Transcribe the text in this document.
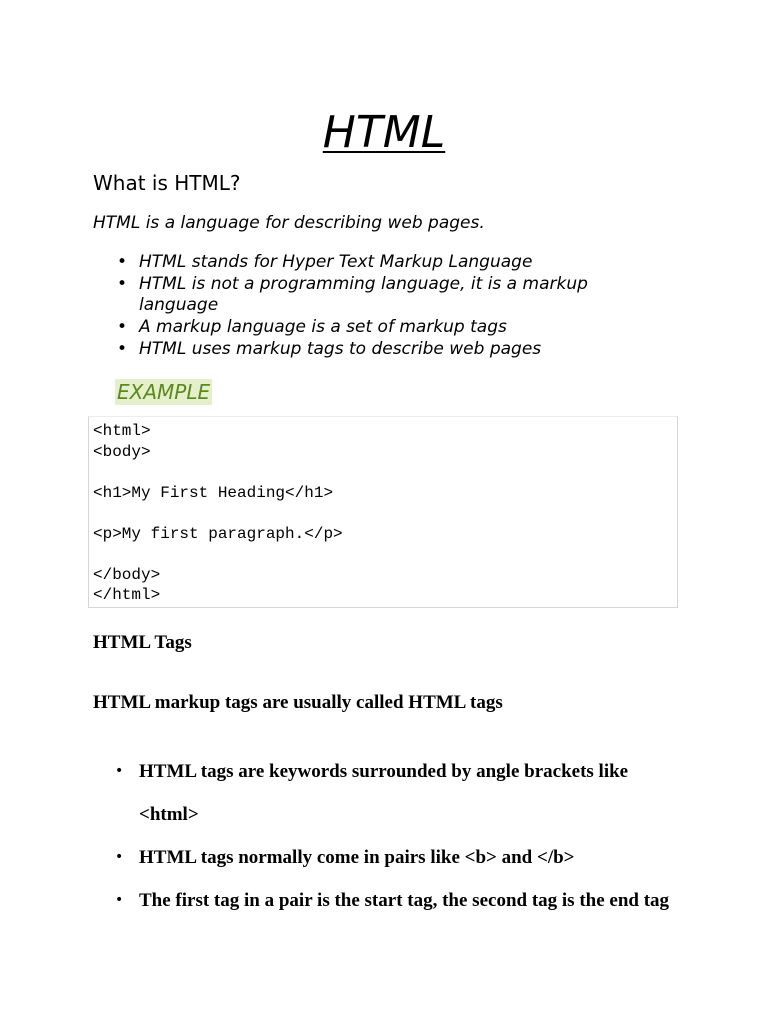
HTML
What is HTML?

HTML is a language for describing web pages.

• HTML stands for Hyper Text Markup Language
• HTML is not a programming language, it is a markup language
• A markup language is a set of markup tags
• HTML uses markup tags to describe web pages
EXAMPLE
<html>
<body>

<h1>My First Heading</h1>

<p>My first paragraph.</p>

</body>
</html>
HTML Tags

HTML markup tags are usually called HTML tags

• HTML tags are keywords surrounded by angle brackets like <html>
• HTML tags normally come in pairs like <b> and </b>
• The first tag in a pair is the start tag, the second tag is the end tag
